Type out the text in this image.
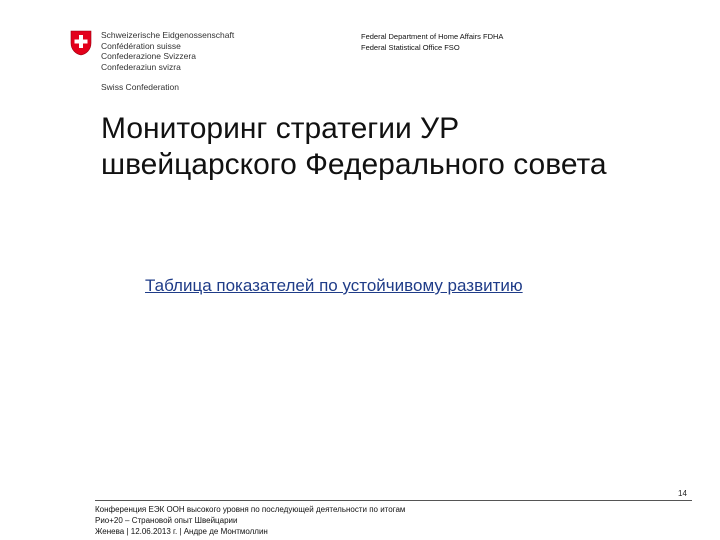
Schweizerische Eidgenossenschaft
Confédération suisse
Confederazione Svizzera
Confederaziun svizra
Swiss Confederation
Federal Department of Home Affairs FDHA
Federal Statistical Office FSO
Мониторинг стратегии УР
швейцарского Федерального совета
Таблица показателей по устойчивому развитию
14
Конференция ЕЭК ООН высокого уровня по последующей деятельности по итогам
Рио+20 – Страновой опыт Швейцарии
Женева | 12.06.2013 г. | Андре де Монтмоллин
